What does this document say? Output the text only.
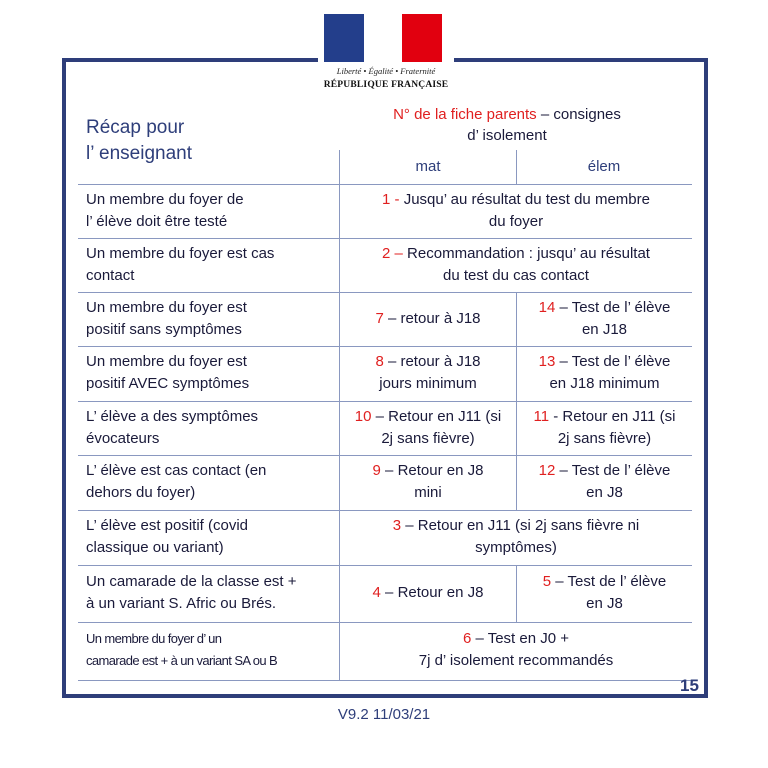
Liberté • Égalité • Fraternité
RÉPUBLIQUE FRANÇAISE
Récap pour
l’ enseignant
N° de la fiche parents – consignes
d’ isolement
mat	élem
Un membre du foyer de
l’ élève doit être testé
1 - Jusqu’ au résultat du test du membre
du foyer
Un membre du foyer est cas
contact
2 – Recommandation : jusqu’ au résultat
du test du cas contact
Un membre du foyer est
positif sans symptômes
7 – retour à J18
14 – Test de l’ élève
en J18
Un membre du foyer est
positif AVEC symptômes
8 – retour à J18
jours minimum
13 – Test de l’ élève
en J18 minimum
L’ élève a des symptômes
évocateurs
10 – Retour en J11 (si
2j sans fièvre)
11 - Retour en J11 (si
2j sans fièvre)
L’ élève est cas contact (en
dehors du foyer)
9 – Retour en J8
mini
12 – Test de l’ élève
en J8
L’ élève est positif (covid
classique ou variant)
3 – Retour en J11 (si 2j sans fièvre ni
symptômes)
Un camarade de la classe est +
à un variant S. Afric ou Brés.
4 – Retour en J8
5 – Test de l’ élève
en J8
Un membre du foyer d’ un
camarade est + à un variant SA ou B
6 – Test en J0 +
7j d’ isolement recommandés
15
V9.2 11/03/21
